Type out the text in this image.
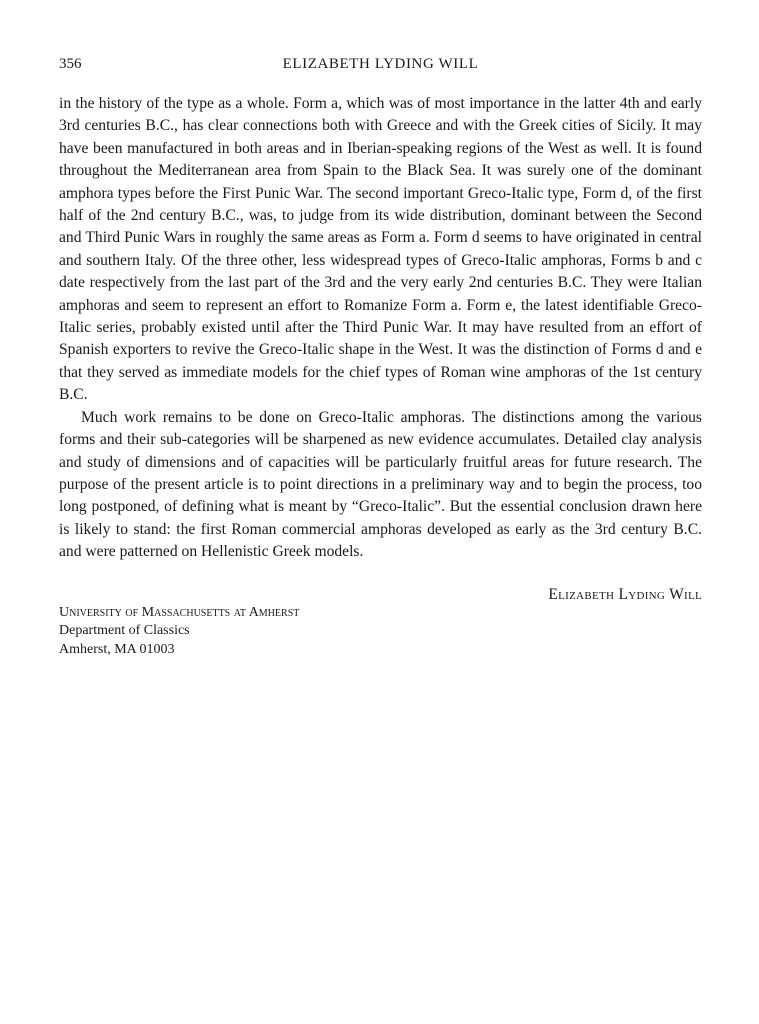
356	ELIZABETH LYDING WILL

in the history of the type as a whole. Form a, which was of most importance in the latter 4th and early 3rd centuries B.C., has clear connections both with Greece and with the Greek cities of Sicily. It may have been manufactured in both areas and in Iberian-speaking regions of the West as well. It is found throughout the Mediterranean area from Spain to the Black Sea. It was surely one of the dominant amphora types before the First Punic War. The second important Greco-Italic type, Form d, of the first half of the 2nd century B.C., was, to judge from its wide distribution, dominant between the Second and Third Punic Wars in roughly the same areas as Form a. Form d seems to have originated in central and southern Italy. Of the three other, less widespread types of Greco-Italic amphoras, Forms b and c date respectively from the last part of the 3rd and the very early 2nd centuries B.C. They were Italian amphoras and seem to represent an effort to Romanize Form a. Form e, the latest identifiable Greco-Italic series, probably existed until after the Third Punic War. It may have resulted from an effort of Spanish exporters to revive the Greco-Italic shape in the West. It was the distinction of Forms d and e that they served as immediate models for the chief types of Roman wine amphoras of the 1st century B.C.

Much work remains to be done on Greco-Italic amphoras. The distinctions among the various forms and their sub-categories will be sharpened as new evidence accumulates. Detailed clay analysis and study of dimensions and of capacities will be particularly fruitful areas for future research. The purpose of the present article is to point directions in a preliminary way and to begin the process, too long postponed, of defining what is meant by “Greco-Italic”. But the essential conclusion drawn here is likely to stand: the first Roman commercial amphoras developed as early as the 3rd century B.C. and were patterned on Hellenistic Greek models.

Elizabeth Lyding Will
University of Massachusetts at Amherst
Department of Classics
Amherst, MA 01003
